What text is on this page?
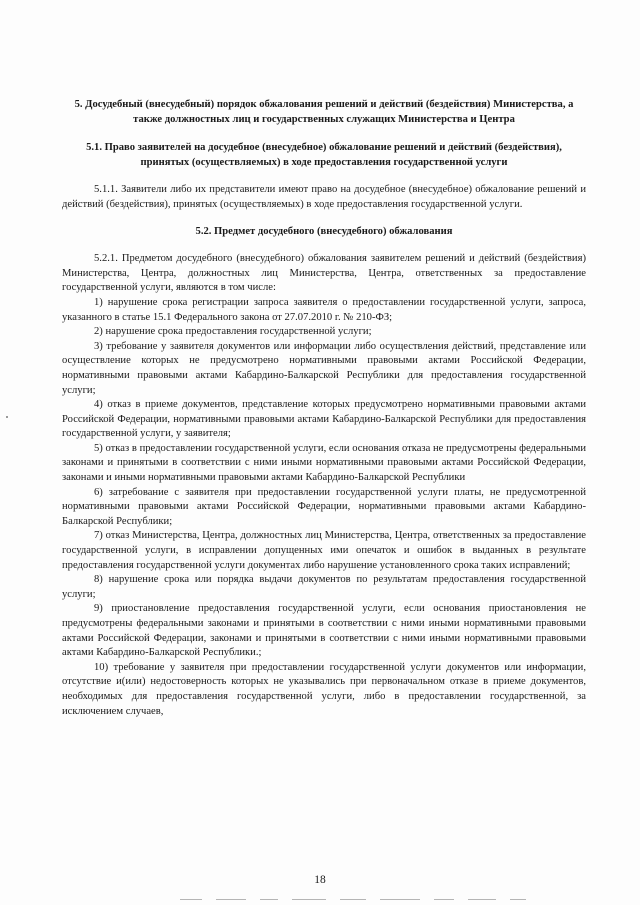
5. Досудебный (внесудебный) порядок обжалования решений и действий (бездействия) Министерства, а также должностных лиц и государственных служащих Министерства и Центра

5.1. Право заявителей на досудебное (внесудебное) обжалование решений и действий (бездействия), принятых (осуществляемых) в ходе предоставления государственной услуги

5.1.1. Заявители либо их представители имеют право на досудебное (внесудебное) обжалование решений и действий (бездействия), принятых (осуществляемых) в ходе предоставления государственной услуги.

5.2. Предмет досудебного (внесудебного) обжалования

5.2.1. Предметом досудебного (внесудебного) обжалования заявителем решений и действий (бездействия) Министерства, Центра, должностных лиц Министерства, Центра, ответственных за предоставление государственной услуги, являются в том числе:

1) нарушение срока регистрации запроса заявителя о предоставлении государственной услуги, запроса, указанного в статье 15.1 Федерального закона от 27.07.2010 г. № 210-ФЗ;

2) нарушение срока предоставления государственной услуги;

3) требование у заявителя документов или информации либо осуществления действий, представление или осуществление которых не предусмотрено нормативными правовыми актами Российской Федерации, нормативными правовыми актами Кабардино-Балкарской Республики для предоставления государственной услуги;

4) отказ в приеме документов, представление которых предусмотрено нормативными правовыми актами Российской Федерации, нормативными правовыми актами Кабардино-Балкарской Республики для предоставления государственной услуги, у заявителя;

5) отказ в предоставлении государственной услуги, если основания отказа не предусмотрены федеральными законами и принятыми в соответствии с ними иными нормативными правовыми актами Российской Федерации, законами и иными нормативными правовыми актами Кабардино-Балкарской Республики

6) затребование с заявителя при предоставлении государственной услуги платы, не предусмотренной нормативными правовыми актами Российской Федерации, нормативными правовыми актами Кабардино-Балкарской Республики;

7) отказ Министерства, Центра, должностных лиц Министерства, Центра, ответственных за предоставление государственной услуги, в исправлении допущенных ими опечаток и ошибок в выданных в результате предоставления государственной услуги документах либо нарушение установленного срока таких исправлений;

8) нарушение срока или порядка выдачи документов по результатам предоставления государственной услуги;

9) приостановление предоставления государственной услуги, если основания приостановления не предусмотрены федеральными законами и принятыми в соответствии с ними иными нормативными правовыми актами Российской Федерации, законами и принятыми в соответствии с ними иными нормативными правовыми актами Кабардино-Балкарской Республики.;

10) требование у заявителя при предоставлении государственной услуги документов или информации, отсутствие и(или) недостоверность которых не указывались при первоначальном отказе в приеме документов, необходимых для предоставления государственной услуги, либо в предоставлении государственной, за исключением случаев,

18
